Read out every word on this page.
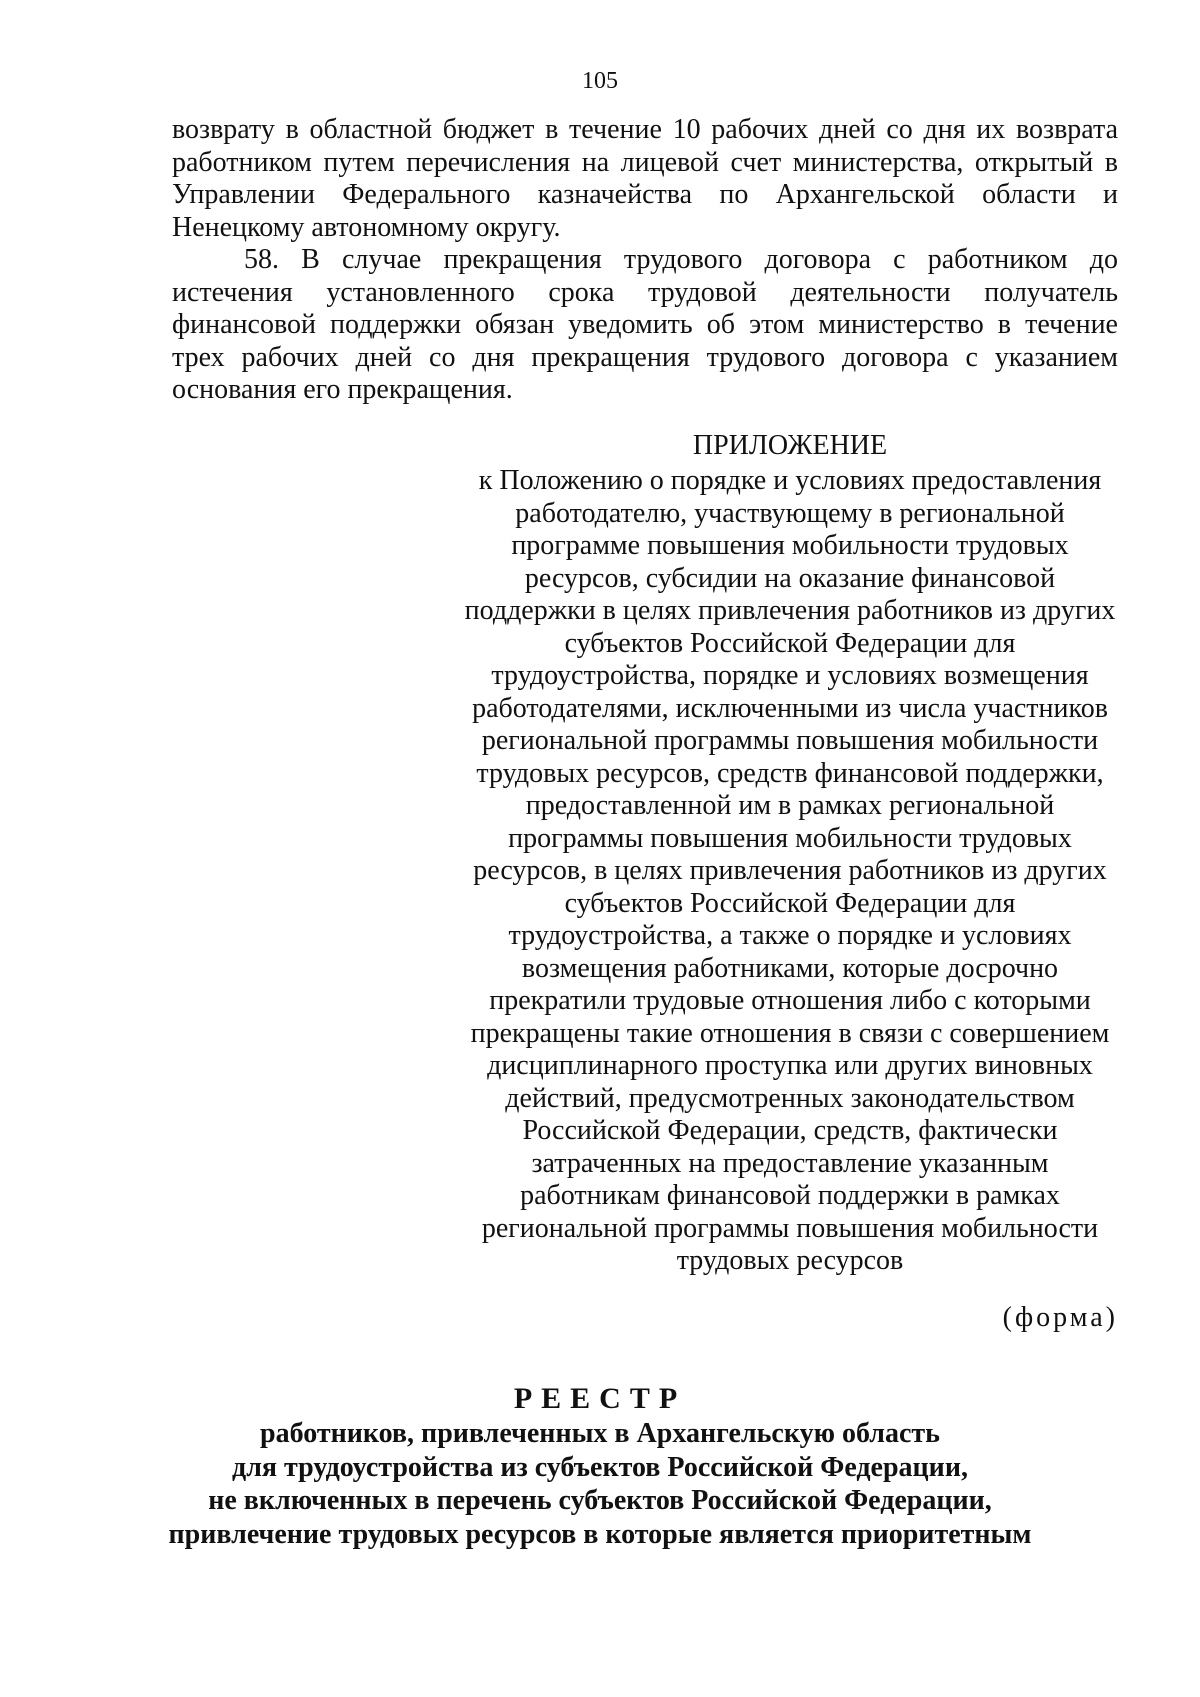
105

возврату в областной бюджет в течение 10 рабочих дней со дня их возврата работником путем перечисления на лицевой счет министерства, открытый в Управлении Федерального казначейства по Архангельской области и Ненецкому автономному округу.

58. В случае прекращения трудового договора с работником до истечения установленного срока трудовой деятельности получатель финансовой поддержки обязан уведомить об этом министерство в течение трех рабочих дней со дня прекращения трудового договора с указанием основания его прекращения.

ПРИЛОЖЕНИЕ
к Положению о порядке и условиях предоставления работодателю, участвующему в региональной программе повышения мобильности трудовых ресурсов, субсидии на оказание финансовой поддержки в целях привлечения работников из других субъектов Российской Федерации для трудоустройства, порядке и условиях возмещения работодателями, исключенными из числа участников региональной программы повышения мобильности трудовых ресурсов, средств финансовой поддержки, предоставленной им в рамках региональной программы повышения мобильности трудовых ресурсов, в целях привлечения работников из других субъектов Российской Федерации для трудоустройства, а также о порядке и условиях возмещения работниками, которые досрочно прекратили трудовые отношения либо с которыми прекращены такие отношения в связи с совершением дисциплинарного проступка или других виновных действий, предусмотренных законодательством Российской Федерации, средств, фактически затраченных на предоставление указанным работникам финансовой поддержки в рамках региональной программы повышения мобильности трудовых ресурсов
(форма)
РЕЕСТР
работников, привлеченных в Архангельскую область
для трудоустройства из субъектов Российской Федерации,
не включенных в перечень субъектов Российской Федерации,
привлечение трудовых ресурсов в которые является приоритетным
